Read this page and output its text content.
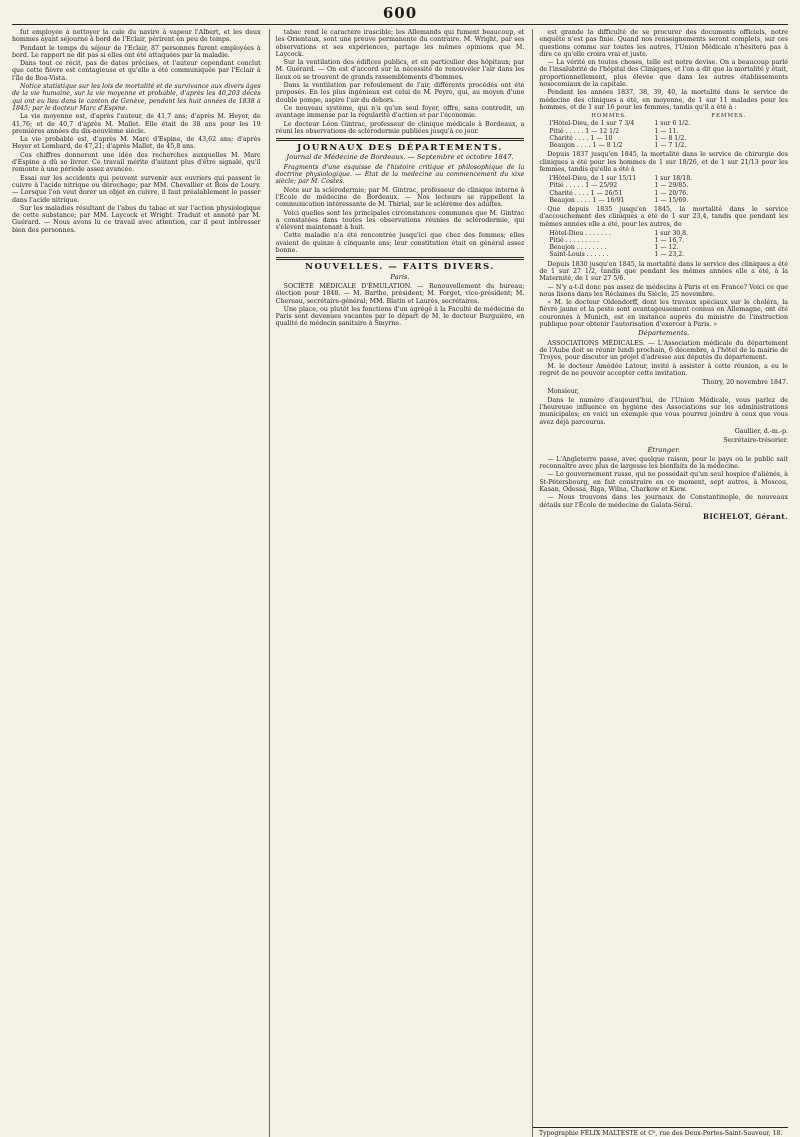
600

fut employée à nettoyer la cale du navire à vapeur l'Albert, et les deux hommes ayant séjourné à bord de l'Eclair, périrent en peu de temps.

Pendant le temps du séjour de l'Eclair, 87 personnes furent employées à bord. Le rapport ne dit pas si elles ont été attaquées par la maladie.

Dans tout ce récit, pas de dates précises, et l'auteur cependant conclut que cette fièvre est contagieuse et qu'elle a été communiquée par l'Eclair à l'île de Boa-Vista.

Notice statistique sur les lois de mortalité et de survivance aux divers âges de la vie humaine, sur la vie moyenne et probable, d'après les 40,203 décès qui ont eu lieu dans le canton de Genève, pendant les huit années de 1838 à 1845; par le docteur Marc d'Espine.

La vie moyenne est, d'après l'auteur, de 41,7 ans; d'après M. Heyer, de 41,76; et de 40,7 d'après M. Mallet. Elle était de 38 ans pour les 19 premières années du dix-neuvième siècle.

La vie probable est, d'après M. Marc d'Espine, de 43,62 ans; d'après Heyer et Lombard, de 47,21; d'après Mallet, de 45,8 ans.

Ces chiffres donneront une idée des recherches auxquelles M. Marc d'Espine a dû se livrer. Ce travail mérite d'autant plus d'être signalé, qu'il remonte à une période assez avancée.

Essai sur les accidents qui peuvent survenir aux ouvriers qui passent le cuivre à l'acide nitrique ou dérochage; par MM. Chevallier et Bois de Loury. — Lorsque l'on veut dorer un objet en cuivre, il faut préalablement le passer dans l'acide nitrique.

Sur les maladies résultant de l'abus du tabac et sur l'action physiologique de cette substance; par MM. Laycock et Wright. Traduit et annoté par M. Guérard. — Nous avons lu ce travail avec attention, car il peut intéresser bien des personnes.

tabac rend le caractère irascible; les Allemands qui fument beaucoup, et les Orientaux, sont une preuve permanente du contraire. M. Wright, par ses observations et ses expériences, partage les mêmes opinions que M. Laycock.

Sur la ventilation des édifices publics, et en particulier des hôpitaux; par M. Guérard. — On est d'accord sur la nécessité de renouveler l'air dans les lieux où se trouvent de grands rassemblements d'hommes.

Dans la ventilation par refoulement de l'air, différents procédés ont été proposés. En les plus ingénieux est celui de M. Peyre, qui, au moyen d'une double pompe, aspire l'air du dehors.

Ce nouveau système, qui n'a qu'un seul foyer, offre, sans contredit, un avantage immense par la régularité d'action et par l'économie.

Le docteur Léon Gintrac, professeur de clinique médicale à Bordeaux, a réuni les observations de sclérodermie publiées jusqu'à ce jour.

JOURNAUX DES DÉPARTEMENTS.
Journal de Médecine de Bordeaux. — Septembre et octobre 1847.

Fragments d'une esquisse de l'histoire critique et philosophique de la doctrine physiologique. — Etat de la médecine au commencement du xixe siècle; par M. Costes.

Note sur la sclérodermie; par M. Gintrac, professeur de clinique interne à l'Ecole de médecine de Bordeaux. — Nos lecteurs se rappellent la communication intéressante de M. Thirial, sur le sclérème des adultes.

Voici quelles sont les principales circonstances communes que M. Gintrac a constatées dans toutes les observations réunies de sclérodermie, qui s'élèvent maintenant à huit.

Cette maladie n'a été rencontrée jusqu'ici que chez des femmes; elles avaient de quinze à cinquante ans; leur constitution était en général assez bonne.

NOUVELLES. — FAITS DIVERS.
Paris.

SOCIÉTÉ MÉDICALE D'ÉMULATION. — Renouvellement du bureau; élection pour 1848. — M. Barthe, président; M. Forget, vice-président; M. Chereau, secrétaire-général; MM. Blatin et Laurès, secrétaires.

Une place, ou plutôt les fonctions d'un agrégé à la Faculté de médecine de Paris sont devenues vacantes par le départ de M. le docteur Burguière, en qualité de médecin sanitaire à Smyrne.

est grande la difficulté de se procurer des documents officiels, notre enquête n'est pas finie. Quand nos renseignements seront complets, sur ces questions comme sur toutes les autres, l'Union Médicale n'hésitera pas à dire ce qu'elle croira vrai et juste.

— La vérité en toutes choses, telle est notre devise. On a beaucoup parlé de l'insalubrité de l'hôpital des Cliniques, et l'on a dit que la mortalité y était, proportionnellement, plus élevée que dans les autres établissements nosocomiaux de la capitale.

Pendant les années 1837, 38, 39, 40, la mortalité dans le service de médecine des cliniques a été, en moyenne, de 1 sur 11 malades pour les hommes, et de 1 sur 16 pour les femmes, tandis qu'il a été à :

HOMMES.	FEMMES.
l'Hôtel-Dieu, de 1 sur 7 3/4	1 sur 6 1/2.
Pitié . . . . . 1 — 12 1/2	1 — 11.
Charité . . . . 1 — 10	1 — 8 1/2.
Beaujon . . . . 1 — 8 1/2	1 — 7 1/2.

Depuis 1837 jusqu'en 1845, la mortalité dans le service de chirurgie des cliniques a été pour les hommes de 1 sur 18/26, et de 1 sur 21/13 pour les femmes, tandis qu'elle a été à

l'Hôtel-Dieu, de 1 sur 15/11	1 sur 18/18.
Pitié . . . . . 1 — 25/92	1 — 29/85.
Charité . . . . 1 — 26/51	1 — 20/76.
Beaujon . . . . 1 — 16/91	1 — 15/69.

Que depuis 1835 jusqu'en 1845, la mortalité dans le service d'accouchement des cliniques a été de 1 sur 23,4, tandis que pendant les mêmes années elle a été, pour les autres, de

Hôtel-Dieu . . . . . . .	1 sur 30,8.
Pitié . . . . . . . . .	1 — 16,7.
Beaujon . . . . . . . .	1 — 12.
Saint-Louis . . . . . .	1 — 23,2.

Depuis 1830 jusqu'en 1845, la mortalité dans le service des cliniques a été de 1 sur 27 1/2, tandis que pendant les mêmes années elle a été, à la Maternité, de 1 sur 27 5/6.

— N'y a-t-il donc pas assez de médecins à Paris et en France? Voici ce que nous lisons dans les Réclames du Siècle, 25 novembre.

« M. le docteur Oldendorff, dont les travaux spéciaux sur le choléra, la fièvre jaune et la peste sont avantageusement connus en Allemagne, ont été couronnés à Munich, est en instance auprès du ministre de l'instruction publique pour obtenir l'autorisation d'exercer à Paris. »

Départements.

ASSOCIATIONS MÉDICALES. — L'Association médicale du département de l'Aube doit se réunir lundi prochain, 6 décembre, à l'hôtel de la mairie de Troyes, pour discuter un projet d'adresse aux députés du département.

M. le docteur Amédée Latour, invité à assister à cette réunion, a eu le regret de ne pouvoir accepter cette invitation.

Thoiry, 20 novembre 1847.

Monsieur,

Dans le numéro d'aujourd'hui, de l'Union Médicale, vous parlez de l'heureuse influence en hygiène des Associations sur les administrations municipales; en voici un exemple que vous pourrez joindre à ceux que vous avez déjà parcourus.

Gaullier, d.-m.-p.
Secrétaire-trésorier.
Étranger.

— L'Angleterre passe, avec quelque raison, pour le pays où le public sait reconnaître avec plus de largesse les bienfaits de la médecine.

— Le gouvernement russe, qui ne possédait qu'un seul hospice d'aliénés, à St-Pétersbourg, en fait construire en ce moment, sept autres, à Moscou, Kasan, Odessa, Riga, Wilna, Charkow et Kiew.

— Nous trouvons dans les journaux de Constantinople, de nouveaux détails sur l'École de médecine de Galata-Séraï.

BICHELOT, Gérant.
Typographie FÉLIX MALTESTE et Cᵉ, rue des Deux-Portes-Saint-Sauveur, 18.
